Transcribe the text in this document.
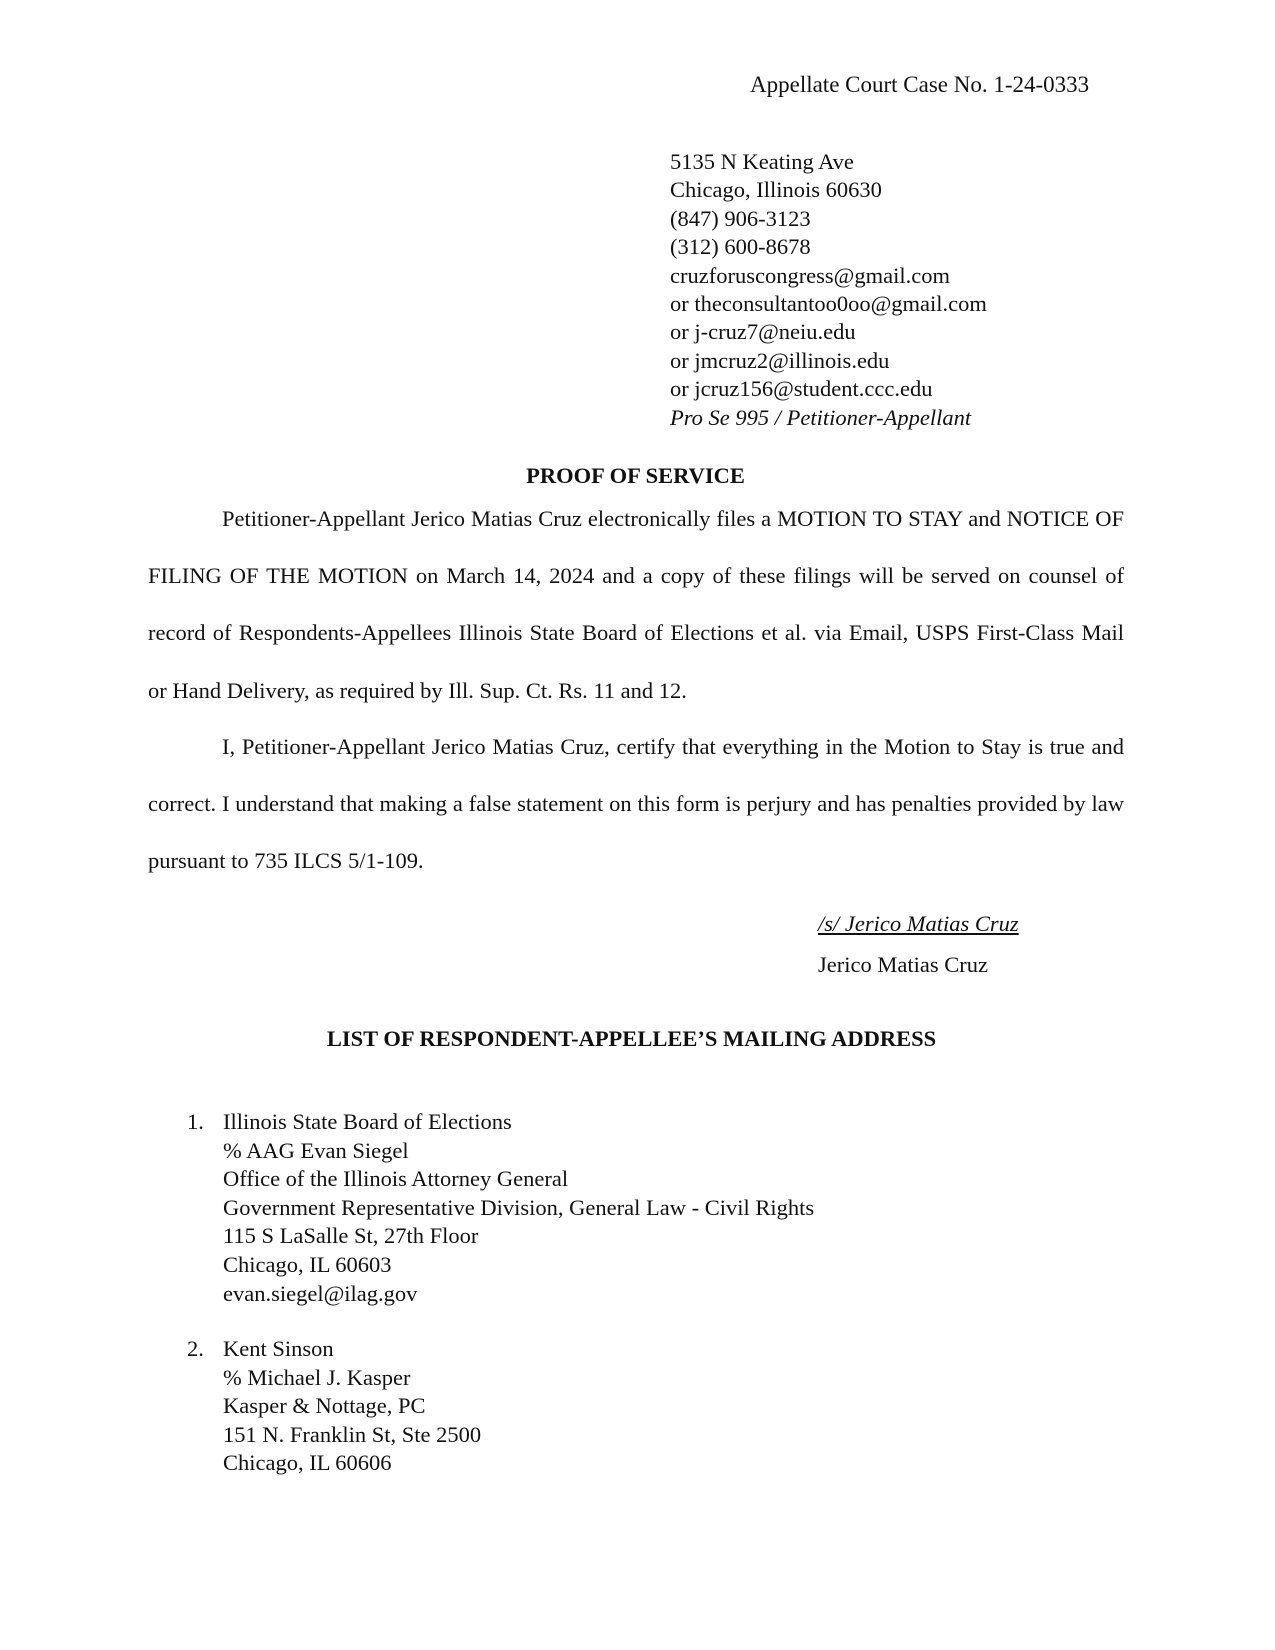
Appellate Court Case No. 1-24-0333
5135 N Keating Ave
Chicago, Illinois 60630
(847) 906-3123
(312) 600-8678
cruzforuscongress@gmail.com
or theconsultantoo0oo@gmail.com
or j-cruz7@neiu.edu
or jmcruz2@illinois.edu
or jcruz156@student.ccc.edu
Pro Se 995 / Petitioner-Appellant
PROOF OF SERVICE
Petitioner-Appellant Jerico Matias Cruz electronically files a MOTION TO STAY and NOTICE OF FILING OF THE MOTION on March 14, 2024 and a copy of these filings will be served on counsel of record of Respondents-Appellees Illinois State Board of Elections et al. via Email, USPS First-Class Mail or Hand Delivery, as required by Ill. Sup. Ct. Rs. 11 and 12.
I, Petitioner-Appellant Jerico Matias Cruz, certify that everything in the Motion to Stay is true and correct. I understand that making a false statement on this form is perjury and has penalties provided by law pursuant to 735 ILCS 5/1-109.
/s/ Jerico Matias Cruz
Jerico Matias Cruz
LIST OF RESPONDENT-APPELLEE’S MAILING ADDRESS
1. Illinois State Board of Elections
% AAG Evan Siegel
Office of the Illinois Attorney General
Government Representative Division, General Law - Civil Rights
115 S LaSalle St, 27th Floor
Chicago, IL 60603
evan.siegel@ilag.gov
2. Kent Sinson
% Michael J. Kasper
Kasper & Nottage, PC
151 N. Franklin St, Ste 2500
Chicago, IL 60606
